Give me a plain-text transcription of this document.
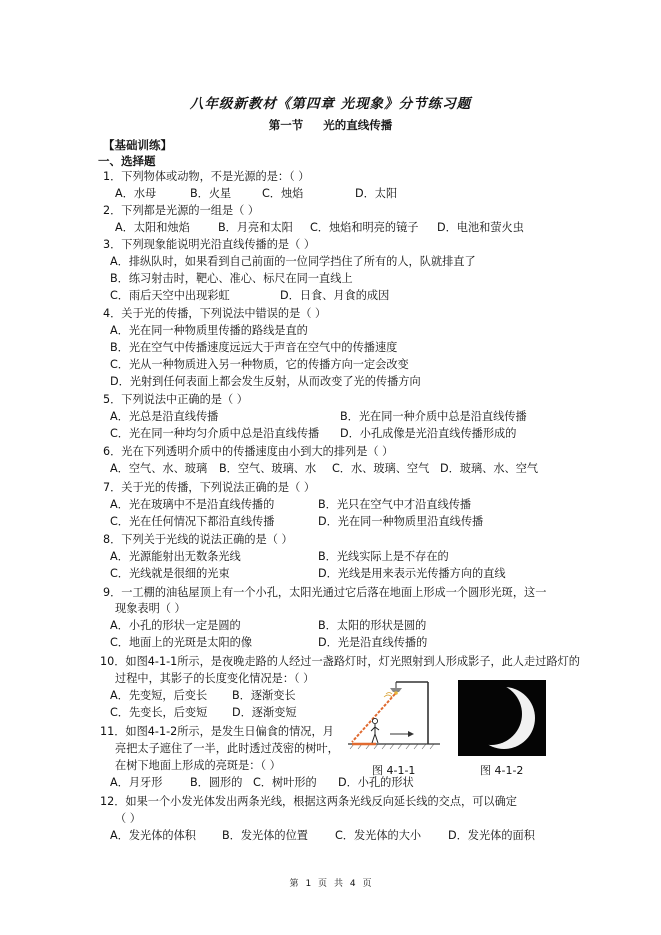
八年级新教材《第四章 光现象》分节练习题
第一节 光的直线传播
【基础训练】
一、选择题
1．下列物体或动物，不是光源的是：（ ）
A．水母	B．火星	C．烛焰	D．太阳
2．下列都是光源的一组是（ ）
A．太阳和烛焰	B．月亮和太阳 C．烛焰和明亮的镜子 D．电池和萤火虫
3．下列现象能说明光沿直线传播的是（ ）
A．排纵队时，如果看到自己前面的一位同学挡住了所有的人，队就排直了
B．练习射击时，靶心、准心、标尺在同一直线上
C．雨后天空中出现彩虹	D．日食、月食的成因
4．关于光的传播，下列说法中错误的是（ ）
A．光在同一种物质里传播的路线是直的
B．光在空气中传播速度远远大于声音在空气中的传播速度
C．光从一种物质进入另一种物质，它的传播方向一定会改变
D．光射到任何表面上都会发生反射，从而改变了光的传播方向
5．下列说法中正确的是（ ）
A．光总是沿直线传播	B．光在同一种介质中总是沿直线传播
C．光在同一种均匀介质中总是沿直线传播 D．小孔成像是光沿直线传播形成的
6．光在下列透明介质中的传播速度由小到大的排列是（ ）
A．空气、水、玻璃 B．空气、玻璃、水 C．水、玻璃、空气 D．玻璃、水、空气
7．关于光的传播，下列说法正确的是（ ）
A．光在玻璃中不是沿直线传播的	B．光只在空气中才沿直线传播
C．光在任何情况下都沿直线传播	D．光在同一种物质里沿直线传播
8．下列关于光线的说法正确的是（ ）
A．光源能射出无数条光线	B．光线实际上是不存在的
C．光线就是很细的光束	D．光线是用来表示光传播方向的直线
9．一工棚的油毡屋顶上有一个小孔，太阳光通过它后落在地面上形成一个圆形光斑，这一
现象表明（ ）
A．小孔的形状一定是圆的	B．太阳的形状是圆的
C．地面上的光斑是太阳的像	D．光是沿直线传播的
10．如图4-1-1所示，是夜晚走路的人经过一盏路灯时，灯光照射到人形成影子，此人走过路灯的
过程中，其影子的长度变化情况是：（ ）
A．先变短，后变长 B．逐渐变长
C．先变长，后变短 D．逐渐变短
11．如图4-1-2所示，是发生日偏食的情况，月
亮把太子遮住了一半，此时透过茂密的树叶，
在树下地面上形成的亮斑是：（ ）
A．月牙形 B．圆形的 C．树叶形的 D．小孔的形状
12．如果一个小发光体发出两条光线，根据这两条光线反向延长线的交点，可以确定
（ ）
A．发光体的体积 B．发光体的位置 C．发光体的大小 D．发光体的面积
图 4-1-1	图 4-1-2
第 1 页 共 4 页
